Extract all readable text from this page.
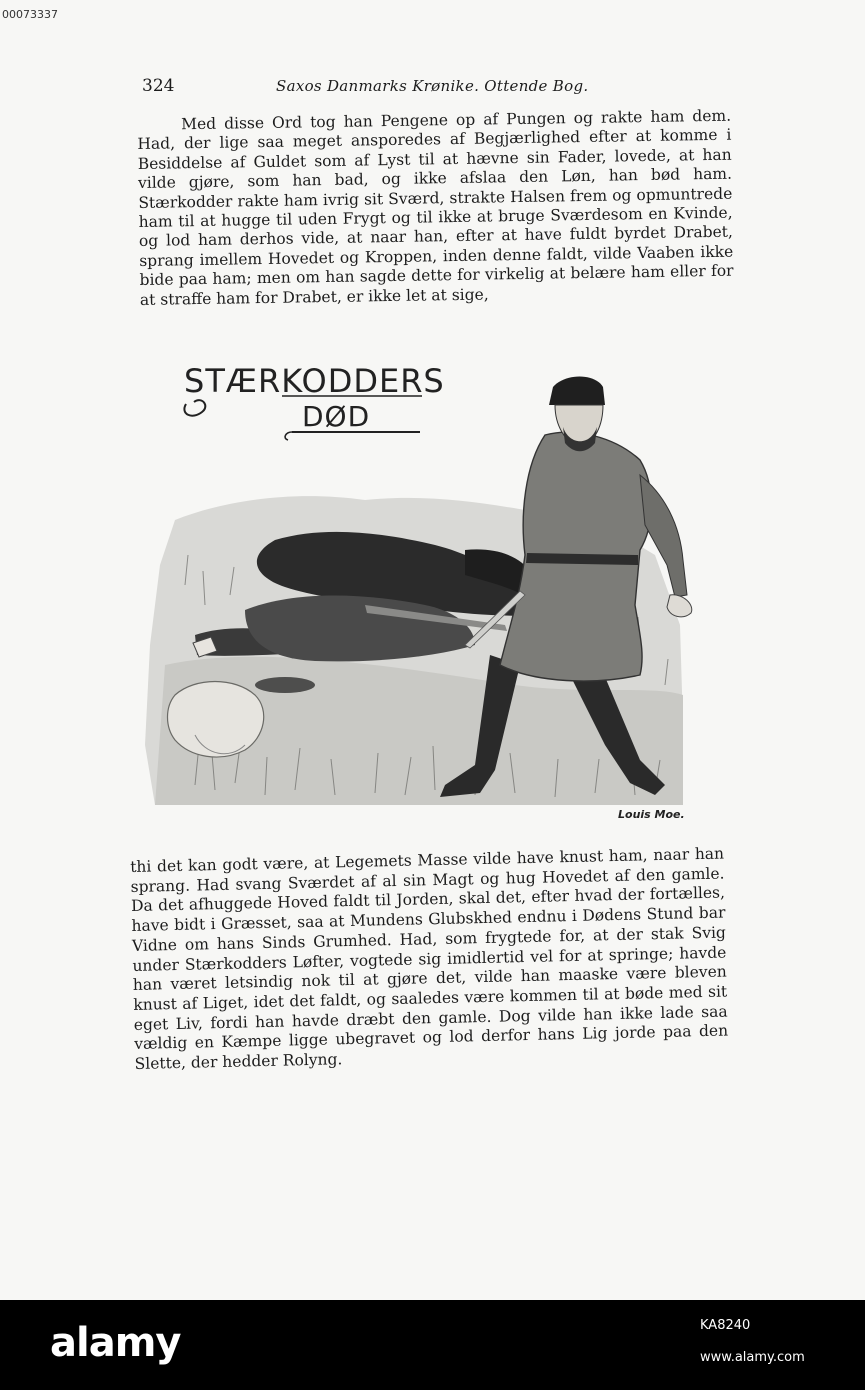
00073337
324	Saxos Danmarks Krønike. Ottende Bog.

Med disse Ord tog han Pengene op af Pungen og rakte ham dem. Had, der lige saa meget ansporedes af Begjærlighed efter at komme i Besiddelse af Guldet som af Lyst til at hævne sin Fader, lovede, at han vilde gjøre, som han bad, og ikke afslaa den Løn, han bød ham. Stærkodder rakte ham ivrig sit Sværd, strakte Halsen frem og opmuntrede ham til at hugge til uden Frygt og til ikke at bruge Sværdesom en Kvinde, og lod ham derhos vide, at naar han, efter at have fuldt byrdet Drabet, sprang imellem Hovedet og Kroppen, inden denne faldt, vilde Vaaben ikke bide paa ham; men om han sagde dette for virkelig at belære ham eller for at straffe ham for Drabet, er ikke let at sige,

STÆRKODDERS
DØD
Louis Moe.

thi det kan godt være, at Legemets Masse vilde have knust ham, naar han sprang. Had svang Sværdet af al sin Magt og hug Hovedet af den gamle. Da det afhuggede Hoved faldt til Jorden, skal det, efter hvad der fortælles, have bidt i Græsset, saa at Mundens Glubskhed endnu i Dødens Stund bar Vidne om hans Sinds Grumhed. Had, som frygtede for, at der stak Svig under Stærkodders Løfter, vogtede sig imidlertid vel for at springe; havde han været letsindig nok til at gjøre det, vilde han maaske være bleven knust af Liget, idet det faldt, og saaledes være kommen til at bøde med sit eget Liv, fordi han havde dræbt den gamle. Dog vilde han ikke lade saa vældig en Kæmpe ligge ubegravet og lod derfor hans Lig jorde paa den Slette, der hedder Rolyng.

alamy	KA8240
www.alamy.com
